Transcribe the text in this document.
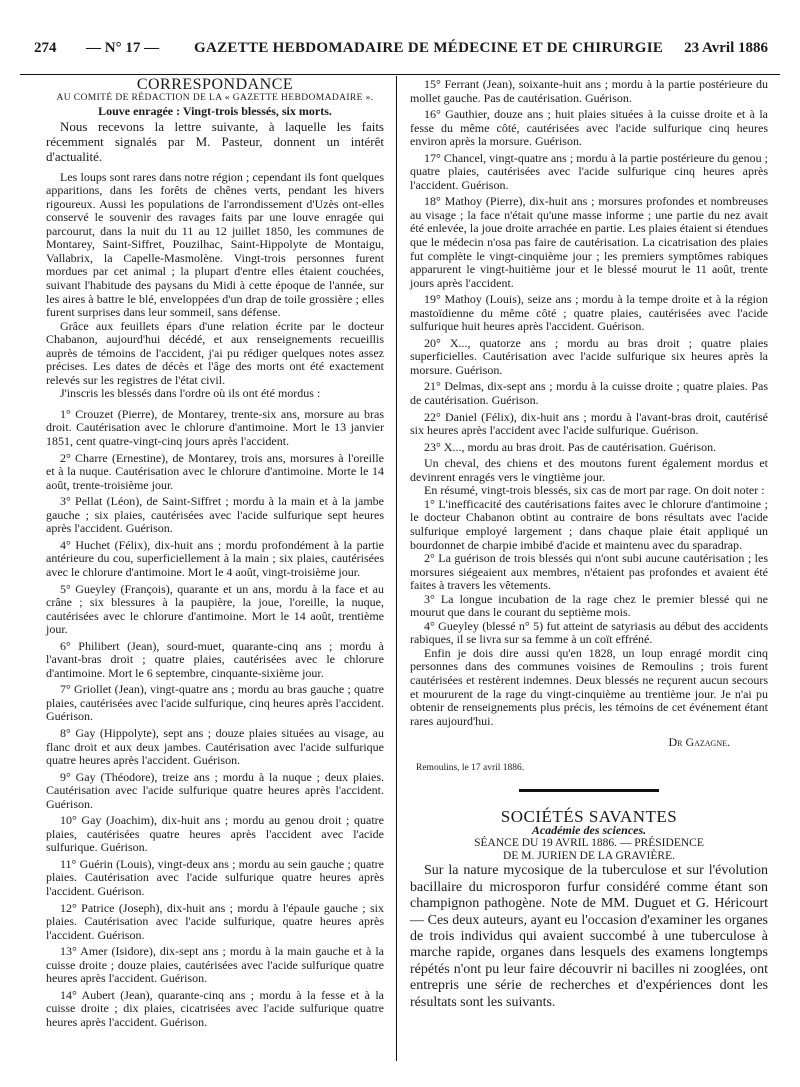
274 — N° 17 — GAZETTE HEBDOMADAIRE DE MÉDECINE ET DE CHIRURGIE 23 Avril 1886

CORRESPONDANCE

AU COMITÉ DE RÉDACTION DE LA « GAZETTE HEBDOMADAIRE ».

Louve enragée : Vingt-trois blessés, six morts.

Nous recevons la lettre suivante, à laquelle les faits récemment signalés par M. Pasteur, donnent un intérêt d'actualité.

Les loups sont rares dans notre région ; cependant ils font quelques apparitions, dans les forêts de chênes verts, pendant les hivers rigoureux. Aussi les populations de l'arrondissement d'Uzès ont-elles conservé le souvenir des ravages faits par une louve enragée qui parcourut, dans la nuit du 11 au 12 juillet 1850, les communes de Montarey, Saint-Siffret, Pouzilhac, Saint-Hippolyte de Montaigu, Vallabrix, la Capelle-Masmolène. Vingt-trois personnes furent mordues par cet animal ; la plupart d'entre elles étaient couchées, suivant l'habitude des paysans du Midi à cette époque de l'année, sur les aires à battre le blé, enveloppées d'un drap de toile grossière ; elles furent surprises dans leur sommeil, sans défense.

Grâce aux feuillets épars d'une relation écrite par le docteur Chabanon, aujourd'hui décédé, et aux renseignements recueillis auprès de témoins de l'accident, j'ai pu rédiger quelques notes assez précises. Les dates de décès et l'âge des morts ont été exactement relevés sur les registres de l'état civil.

J'inscris les blessés dans l'ordre où ils ont été mordus :

1° Crouzet (Pierre), de Montarey, trente-six ans, morsure au bras droit. Cautérisation avec le chlorure d'antimoine. Mort le 13 janvier 1851, cent quatre-vingt-cinq jours après l'accident.

2° Charre (Ernestine), de Montarey, trois ans, morsures à l'oreille et à la nuque. Cautérisation avec le chlorure d'antimoine. Morte le 14 août, trente-troisième jour.

3° Pellat (Léon), de Saint-Siffret ; mordu à la main et à la jambe gauche ; six plaies, cautérisées avec l'acide sulfurique sept heures après l'accident. Guérison.

4° Huchet (Félix), dix-huit ans ; mordu profondément à la partie antérieure du cou, superficiellement à la main ; six plaies, cautérisées avec le chlorure d'antimoine. Mort le 4 août, vingt-troisième jour.

5° Gueyley (François), quarante et un ans, mordu à la face et au crâne ; six blessures à la paupière, la joue, l'oreille, la nuque, cautérisées avec le chlorure d'antimoine. Mort le 14 août, trentième jour.

6° Philibert (Jean), sourd-muet, quarante-cinq ans ; mordu à l'avant-bras droit ; quatre plaies, cautérisées avec le chlorure d'antimoine. Mort le 6 septembre, cinquante-sixième jour.

7° Griollet (Jean), vingt-quatre ans ; mordu au bras gauche ; quatre plaies, cautérisées avec l'acide sulfurique, cinq heures après l'accident. Guérison.

8° Gay (Hippolyte), sept ans ; douze plaies situées au visage, au flanc droit et aux deux jambes. Cautérisation avec l'acide sulfurique quatre heures après l'accident. Guérison.

9° Gay (Théodore), treize ans ; mordu à la nuque ; deux plaies. Cautérisation avec l'acide sulfurique quatre heures après l'accident. Guérison.

10° Gay (Joachim), dix-huit ans ; mordu au genou droit ; quatre plaies, cautérisées quatre heures après l'accident avec l'acide sulfurique. Guérison.

11° Guérin (Louis), vingt-deux ans ; mordu au sein gauche ; quatre plaies. Cautérisation avec l'acide sulfurique quatre heures après l'accident. Guérison.

12° Patrice (Joseph), dix-huit ans ; mordu à l'épaule gauche ; six plaies. Cautérisation avec l'acide sulfurique, quatre heures après l'accident. Guérison.

13° Amer (Isidore), dix-sept ans ; mordu à la main gauche et à la cuisse droite ; douze plaies, cautérisées avec l'acide sulfurique quatre heures après l'accident. Guérison.

14° Aubert (Jean), quarante-cinq ans ; mordu à la fesse et à la cuisse droite ; dix plaies, cicatrisées avec l'acide sulfurique quatre heures après l'accident. Guérison.

15° Ferrant (Jean), soixante-huit ans ; mordu à la partie postérieure du mollet gauche. Pas de cautérisation. Guérison.

16° Gauthier, douze ans ; huit plaies situées à la cuisse droite et à la fesse du même côté, cautérisées avec l'acide sulfurique cinq heures environ après la morsure. Guérison.

17° Chancel, vingt-quatre ans ; mordu à la partie postérieure du genou ; quatre plaies, cautérisées avec l'acide sulfurique cinq heures après l'accident. Guérison.

18° Mathoy (Pierre), dix-huit ans ; morsures profondes et nombreuses au visage ; la face n'était qu'une masse informe ; une partie du nez avait été enlevée, la joue droite arrachée en partie. Les plaies étaient si étendues que le médecin n'osa pas faire de cautérisation. La cicatrisation des plaies fut complète le vingt-cinquième jour ; les premiers symptômes rabiques apparurent le vingt-huitième jour et le blessé mourut le 11 août, trente jours après l'accident.

19° Mathoy (Louis), seize ans ; mordu à la tempe droite et à la région mastoïdienne du même côté ; quatre plaies, cautérisées avec l'acide sulfurique huit heures après l'accident. Guérison.

20° X..., quatorze ans ; mordu au bras droit ; quatre plaies superficielles. Cautérisation avec l'acide sulfurique six heures après la morsure. Guérison.

21° Delmas, dix-sept ans ; mordu à la cuisse droite ; quatre plaies. Pas de cautérisation. Guérison.

22° Daniel (Félix), dix-huit ans ; mordu à l'avant-bras droit, cautérisé six heures après l'accident avec l'acide sulfurique. Guérison.

23° X..., mordu au bras droit. Pas de cautérisation. Guérison.

Un cheval, des chiens et des moutons furent également mordus et devinrent enragés vers le vingtième jour.

En résumé, vingt-trois blessés, six cas de mort par rage. On doit noter :

1° L'inefficacité des cautérisations faites avec le chlorure d'antimoine ; le docteur Chabanon obtint au contraire de bons résultats avec l'acide sulfurique employé largement ; dans chaque plaie était appliqué un bourdonnet de charpie imbibé d'acide et maintenu avec du sparadrap.

2° La guérison de trois blessés qui n'ont subi aucune cautérisation ; les morsures siégeaient aux membres, n'étaient pas profondes et avaient été faites à travers les vêtements.

3° La longue incubation de la rage chez le premier blessé qui ne mourut que dans le courant du septième mois.

4° Gueyley (blessé n° 5) fut atteint de satyriasis au début des accidents rabiques, il se livra sur sa femme à un coït effréné.

Enfin je dois dire aussi qu'en 1828, un loup enragé mordit cinq personnes dans des communes voisines de Remoulins ; trois furent cautérisées et restèrent indemnes. Deux blessés ne reçurent aucun secours et moururent de la rage du vingt-cinquième au trentième jour. Je n'ai pu obtenir de renseignements plus précis, les témoins de cet événement étant rares aujourd'hui.

Dr Gazagne.

Remoulins, le 17 avril 1886.

SOCIÉTÉS SAVANTES

Académie des sciences.

SÉANCE DU 19 AVRIL 1886. — PRÉSIDENCE
DE M. JURIEN DE LA GRAVIÈRE.

Sur la nature mycosique de la tuberculose et sur l'évolution bacillaire du microsporon furfur considéré comme étant son champignon pathogène. Note de MM. Duguet et G. Héricourt — Ces deux auteurs, ayant eu l'occasion d'examiner les organes de trois individus qui avaient succombé à une tuberculose à marche rapide, organes dans lesquels des examens longtemps répétés n'ont pu leur faire découvrir ni bacilles ni zooglées, ont entrepris une série de recherches et d'expériences dont les résultats sont les suivants.
